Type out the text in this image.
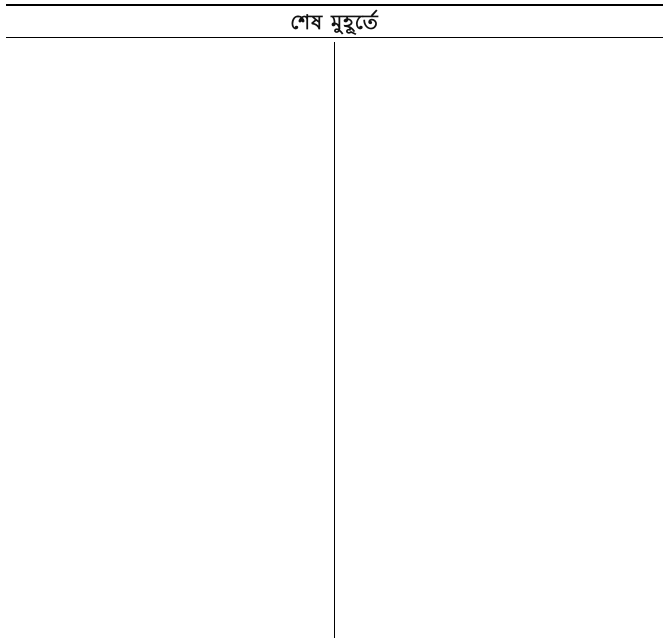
শেষ মুহূর্তে
